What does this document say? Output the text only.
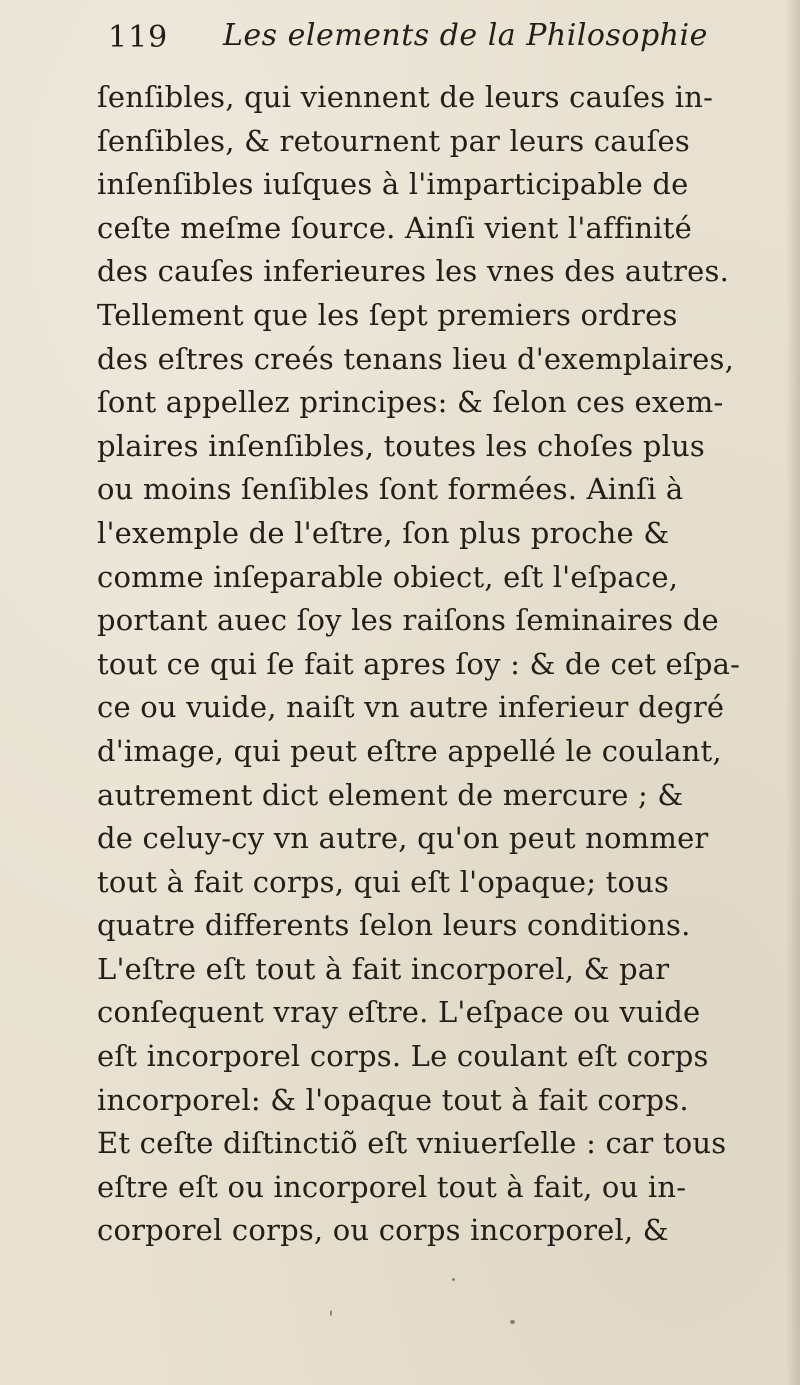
119 Les elements de la Philosophie
ſenſibles, qui viennent de leurs cauſes in-
ſenſibles, & retournent par leurs cauſes
inſenſibles iuſques à l'imparticipable de
ceſte meſme ſource. Ainſi vient l'affinité
des cauſes inferieures les vnes des autres.
Tellement que les ſept premiers ordres
des eſtres creés tenans lieu d'exemplaires,
ſont appellez principes: & ſelon ces exem-
plaires inſenſibles, toutes les choſes plus
ou moins ſenſibles ſont formées. Ainſi à
l'exemple de l'eſtre, ſon plus proche &
comme inſeparable obiect, eſt l'eſpace,
portant auec ſoy les raiſons ſeminaires de
tout ce qui ſe fait apres ſoy : & de cet eſpa-
ce ou vuide, naiſt vn autre inferieur degré
d'image, qui peut eſtre appellé le coulant,
autrement dict element de mercure ; &
de celuy-cy vn autre, qu'on peut nommer
tout à fait corps, qui eſt l'opaque; tous
quatre differents ſelon leurs conditions.
L'eſtre eſt tout à fait incorporel, & par
conſequent vray eſtre. L'eſpace ou vuide
eſt incorporel corps. Le coulant eſt corps
incorporel: & l'opaque tout à fait corps.
Et ceſte diſtinctiõ eſt vniuerſelle : car tous
eſtre eſt ou incorporel tout à fait, ou in-
corporel corps, ou corps incorporel, &
